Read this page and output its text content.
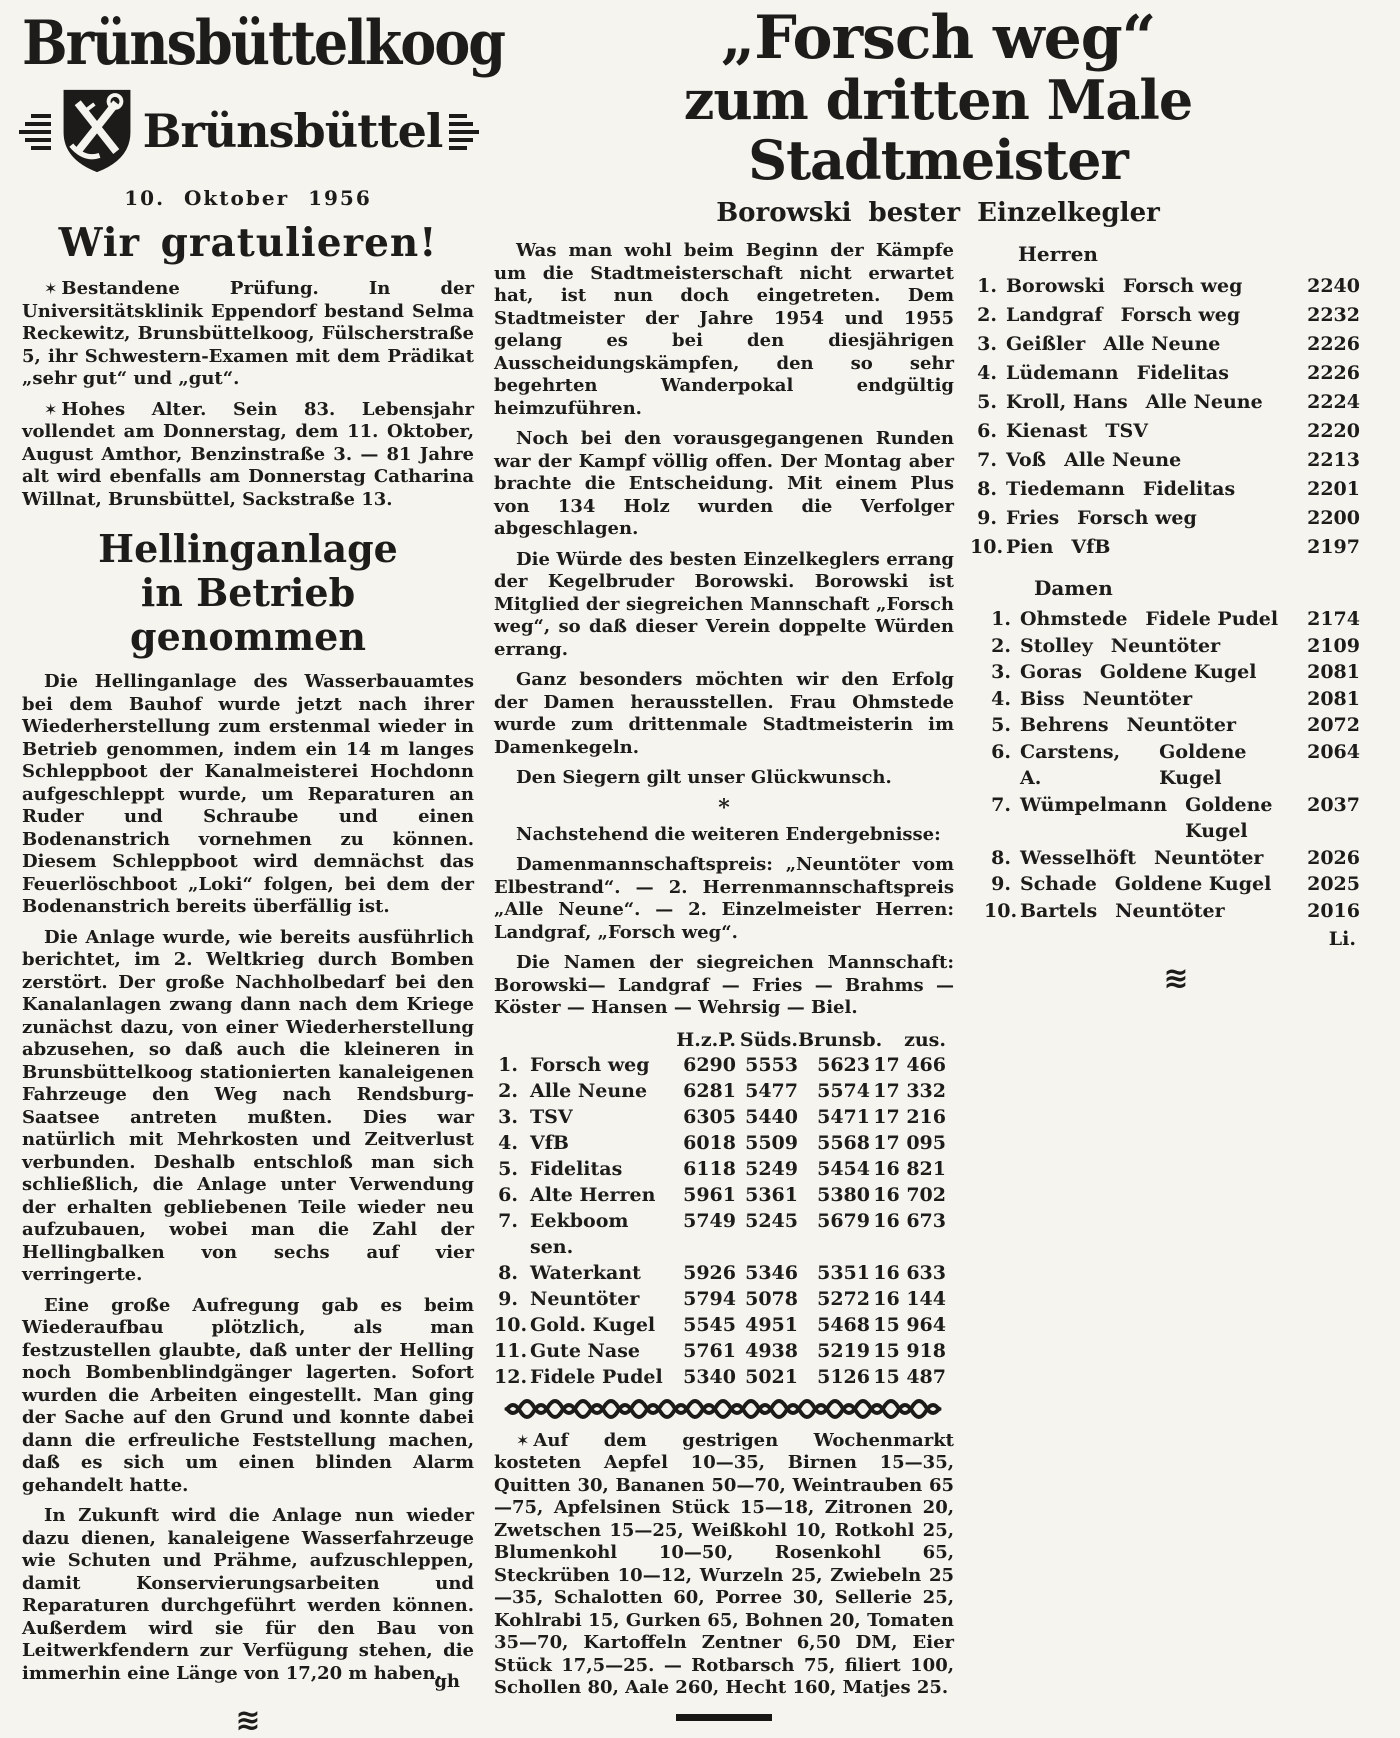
Brünsbüttelkoog
Brünsbüttel
10. Oktober 1956
Wir gratulieren!

✶ Bestandene Prüfung.	In der Universitätsklinik Eppendorf bestand Selma Reckewitz, Brunsbüttelkoog, Fülscherstraße 5, ihr Schwestern-Examen mit dem Prädikat „sehr gut“ und „gut“.

✶ Hohes Alter. Sein 83. Lebensjahr vollendet am Donnerstag, dem 11. Oktober, August Amthor, Benzinstraße 3. — 81 Jahre alt wird ebenfalls am Donnerstag Catharina Willnat, Brunsbüttel, Sackstraße 13.

Hellinganlage
in Betrieb genommen

Die Hellinganlage des Wasserbauamtes bei dem Bauhof wurde jetzt nach ihrer Wiederherstellung zum erstenmal wieder in Betrieb genommen, indem ein 14 m langes Schleppboot der Kanalmeisterei Hochdonn aufgeschleppt wurde, um Reparaturen an Ruder und Schraube und einen Bodenanstrich vornehmen zu können. Diesem Schleppboot wird demnächst das Feuerlöschboot „Loki“ folgen, bei dem der Bodenanstrich bereits überfällig ist.

Die Anlage wurde, wie bereits ausführlich berichtet, im 2. Weltkrieg durch Bomben zerstört. Der große Nachholbedarf bei den Kanalanlagen zwang dann nach dem Kriege zunächst dazu, von einer Wiederherstellung abzusehen, so daß auch die kleineren in Brunsbüttelkoog stationierten kanaleigenen Fahrzeuge den Weg nach Rendsburg-Saatsee antreten mußten. Dies war natürlich mit Mehrkosten und Zeitverlust verbunden. Deshalb entschloß man sich schließlich, die Anlage unter Verwendung der erhalten gebliebenen Teile wieder neu aufzubauen, wobei man die Zahl der Hellingbalken von sechs auf vier verringerte.

Eine große Aufregung gab es beim Wiederaufbau plötzlich, als man festzustellen glaubte, daß unter der Helling noch Bombenblindgänger lagerten. Sofort wurden die Arbeiten eingestellt. Man ging der Sache auf den Grund und konnte dabei dann die erfreuliche Feststellung machen, daß es sich um einen blinden Alarm gehandelt hatte.

In Zukunft wird die Anlage nun wieder dazu dienen, kanaleigene Wasserfahrzeuge wie Schuten und Prähme, aufzuschleppen, damit Konservierungsarbeiten und Reparaturen durchgeführt werden können. Außerdem wird sie für den Bau von Leitwerkfendern zur Verfügung stehen, die immerhin eine Länge von 17,20 m haben.

gh
≋
„Forsch weg“
zum dritten Male Stadtmeister
Borowski bester Einzelkegler

Was man wohl beim Beginn der Kämpfe um die Stadtmeisterschaft nicht erwartet hat, ist nun doch eingetreten. Dem Stadtmeister der Jahre 1954 und 1955 gelang es bei den diesjährigen Ausscheidungskämpfen, den so sehr begehrten Wanderpokal endgültig heimzuführen.

Noch bei den vorausgegangenen Runden war der Kampf völlig offen. Der Montag aber brachte die Entscheidung. Mit einem Plus von 134 Holz wurden die Verfolger abgeschlagen.

Die Würde des besten Einzelkeglers errang der Kegelbruder Borowski. Borowski ist Mitglied der siegreichen Mannschaft „Forsch weg“, so daß dieser Verein doppelte Würden errang.

Ganz besonders möchten wir den Erfolg der Damen herausstellen. Frau Ohmstede wurde zum drittenmale Stadtmeisterin im Damenkegeln.

Den Siegern gilt unser Glückwunsch.

*

Nachstehend die weiteren Endergebnisse:

Damenmannschaftspreis: „Neuntöter vom Elbestrand“. — 2. Herrenmannschaftspreis „Alle Neune“. — 2. Einzelmeister Herren: Landgraf, „Forsch weg“.

Die Namen der siegreichen Mannschaft: Borowski— Landgraf — Fries — Brahms — Köster — Hansen — Wehrsig — Biel.

H.z.P. Süds. Brunsb.	zus.
1. Forsch weg	6290 5553	5623 17 466
2. Alle Neune	6281 5477	5574 17 332
3. TSV	6305 5440	5471 17 216
4. VfB	6018 5509	5568 17 095
5. Fidelitas	6118 5249	5454 16 821
6. Alte Herren	5961 5361	5380 16 702
7. Eekboom sen.
5749 5245	5679 16 673
8. Waterkant	5926 5346	5351 16 633
9. Neuntöter	5794 5078	5272 16 144
10. Gold. Kugel	5545 4951	5468 15 964
11. Gute Nase	5761 4938	5219 15 918
12. Fidele Pudel	5340 5021	5126 15 487

✶ Auf dem gestrigen Wochenmarkt kosteten Aepfel 10—35, Birnen 15—35, Quitten 30, Bananen 50—70, Weintrauben 65—75, Apfelsinen Stück 15—18, Zitronen 20, Zwetschen 15—25, Weißkohl 10, Rotkohl 25, Blumenkohl 10—50, Rosenkohl 65, Steckrüben 10—12, Wurzeln 25, Zwiebeln 25—35, Schalotten 60, Porree 30, Sellerie 25, Kohlrabi 15, Gurken 65, Bohnen 20, Tomaten 35—70, Kartoffeln Zentner 6,50 DM, Eier Stück 17,5—25. — Rotbarsch 75, filiert 100, Schollen 80, Aale 260, Hecht 160, Matjes 25.

Herren
1. Borowski Forsch weg	2240
2. Landgraf Forsch weg	2232
3. Geißler Alle Neune	2226
4. Lüdemann Fidelitas	2226
5. Kroll, Hans Alle Neune 2224
6. Kienast TSV	2220
7. Voß Alle Neune	2213
8. Tiedemann Fidelitas	2201
9. Fries Forsch weg	2200
10. Pien VfB	2197
Damen
1. Ohmstede Fidele Pudel 2174
2. Stolley Neuntöter	2109
3. Goras Goldene Kugel	2081
4. Biss Neuntöter	2081
5. Behrens Neuntöter	2072
6. Carstens, A.
Goldene Kugel
2064
7. Wümpelmann Goldene Kugel
2037
8. Wesselhöft Neuntöter 2026
9. Schade Goldene Kugel 2025
10. Bartels Neuntöter	2016
Li.
≋
